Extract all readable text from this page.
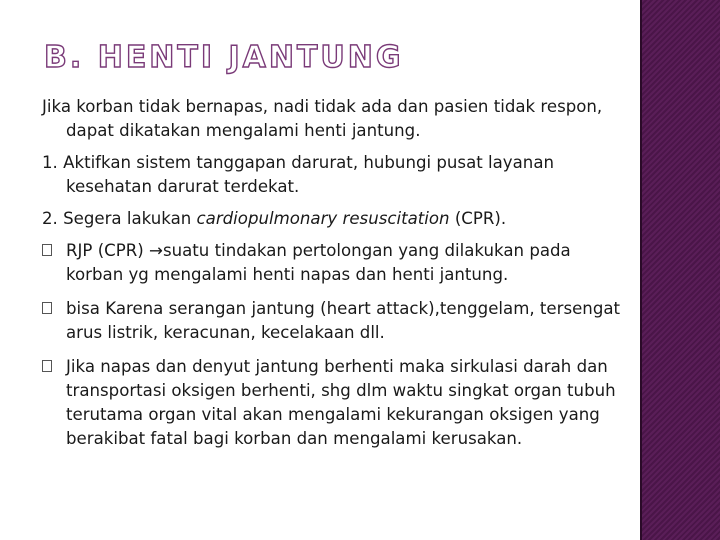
B. HENTI JANTUNG

Jika korban tidak bernapas, nadi tidak ada dan pasien tidak respon, dapat dikatakan mengalami henti jantung.

1. Aktifkan sistem tanggapan darurat, hubungi pusat layanan kesehatan darurat terdekat.

2. Segera lakukan cardiopulmonary resuscitation (CPR).

RJP (CPR) →suatu tindakan pertolongan yang dilakukan pada korban yg mengalami henti napas dan henti jantung.
bisa Karena serangan jantung (heart attack),tenggelam, tersengat arus listrik, keracunan, kecelakaan dll.
Jika napas dan denyut jantung berhenti maka sirkulasi darah dan transportasi oksigen berhenti, shg dlm waktu singkat organ tubuh terutama organ vital akan mengalami kekurangan oksigen yang berakibat fatal bagi korban dan mengalami kerusakan.
